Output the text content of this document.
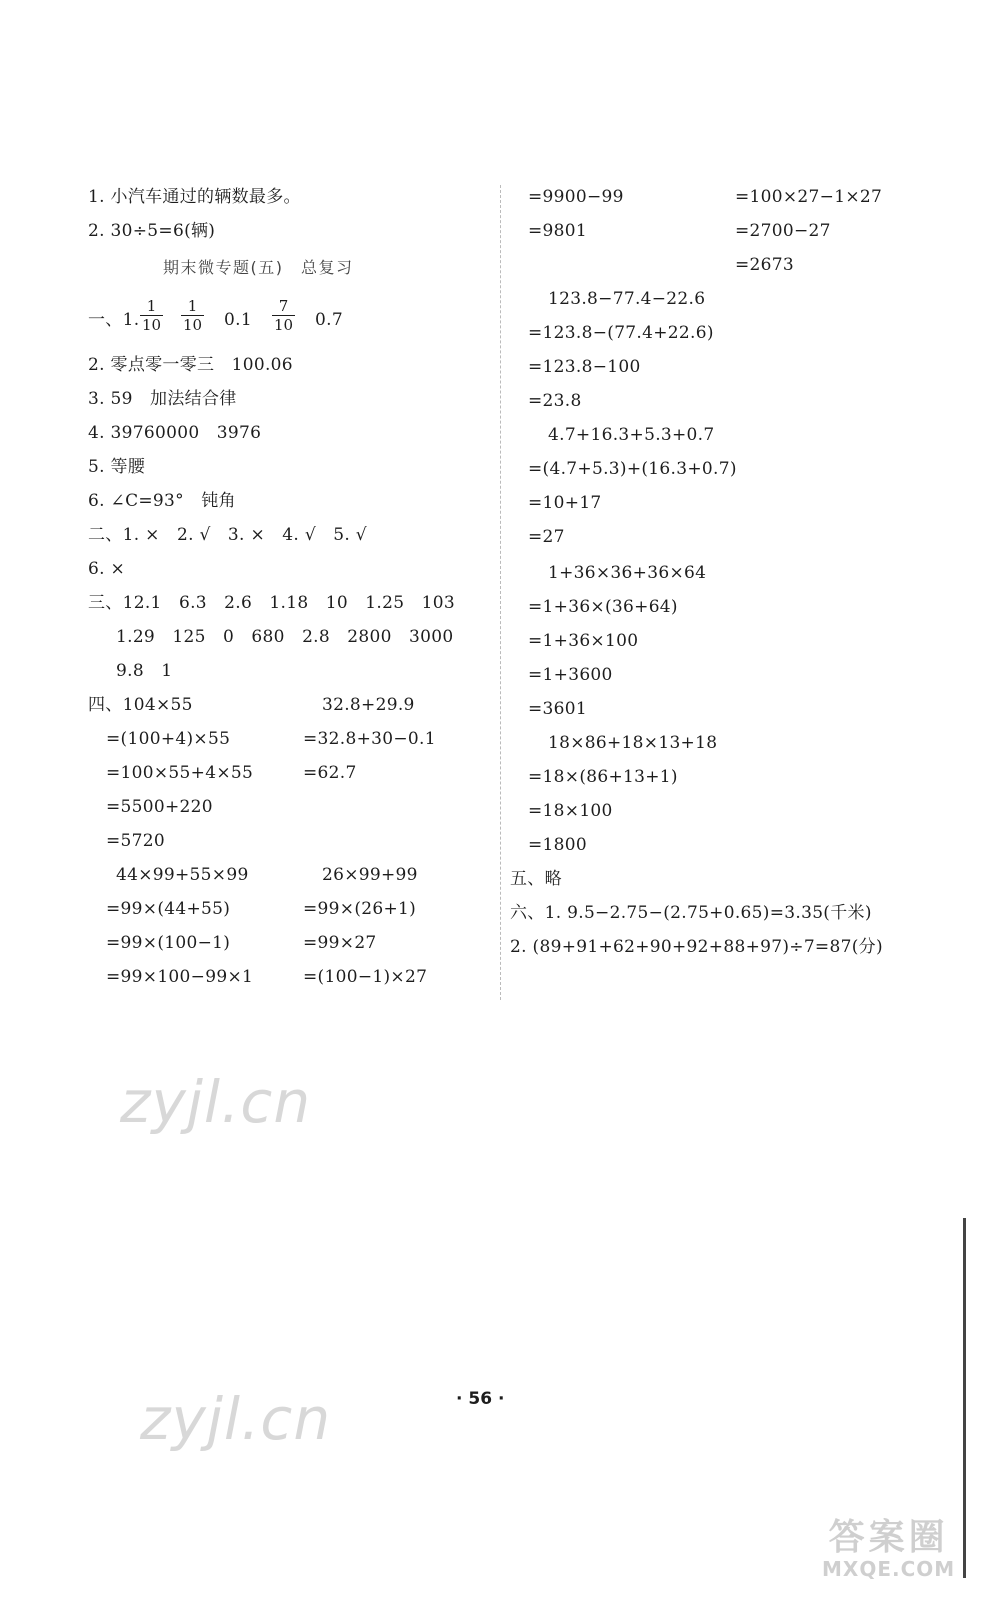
1. 小汽车通过的辆数最多。
2. 30÷5=6(辆)
期末微专题(五)　总复习
一、1.
1
10
1
10 0.1
7
10 0.7
2. 零点零一零三　100.06
3. 59　加法结合律
4. 39760000　3976
5. 等腰
6. ∠C=93°　钝角
二、1. ×　2. √　3. ×　4. √　5. √
6. ×
三、12.1　6.3　2.6　1.18　10　1.25　103
1.29　125　0　680　2.8　2800　3000
9.8　1
四、104×55
=(100+4)×55
=100×55+4×55
=5500+220
=5720
32.8+29.9
=32.8+30−0.1
=62.7
44×99+55×99
=99×(44+55)
=99×(100−1)
=99×100−99×1
26×99+99
=99×(26+1)
=99×27
=(100−1)×27
=9900−99
=9801
=100×27−1×27
=2700−27
=2673
123.8−77.4−22.6
=123.8−(77.4+22.6)
=123.8−100
=23.8
4.7+16.3+5.3+0.7
=(4.7+5.3)+(16.3+0.7)
=10+17
=27
1+36×36+36×64
=1+36×(36+64)
=1+36×100
=1+3600
=3601
18×86+18×13+18
=18×(86+13+1)
=18×100
=1800
五、略
六、1. 9.5−2.75−(2.75+0.65)=3.35(千米)
2. (89+91+62+90+92+88+97)÷7=87(分)
· 56 ·
zyjl.cn
zyjl.cn
答案圈
MXQE.COM
